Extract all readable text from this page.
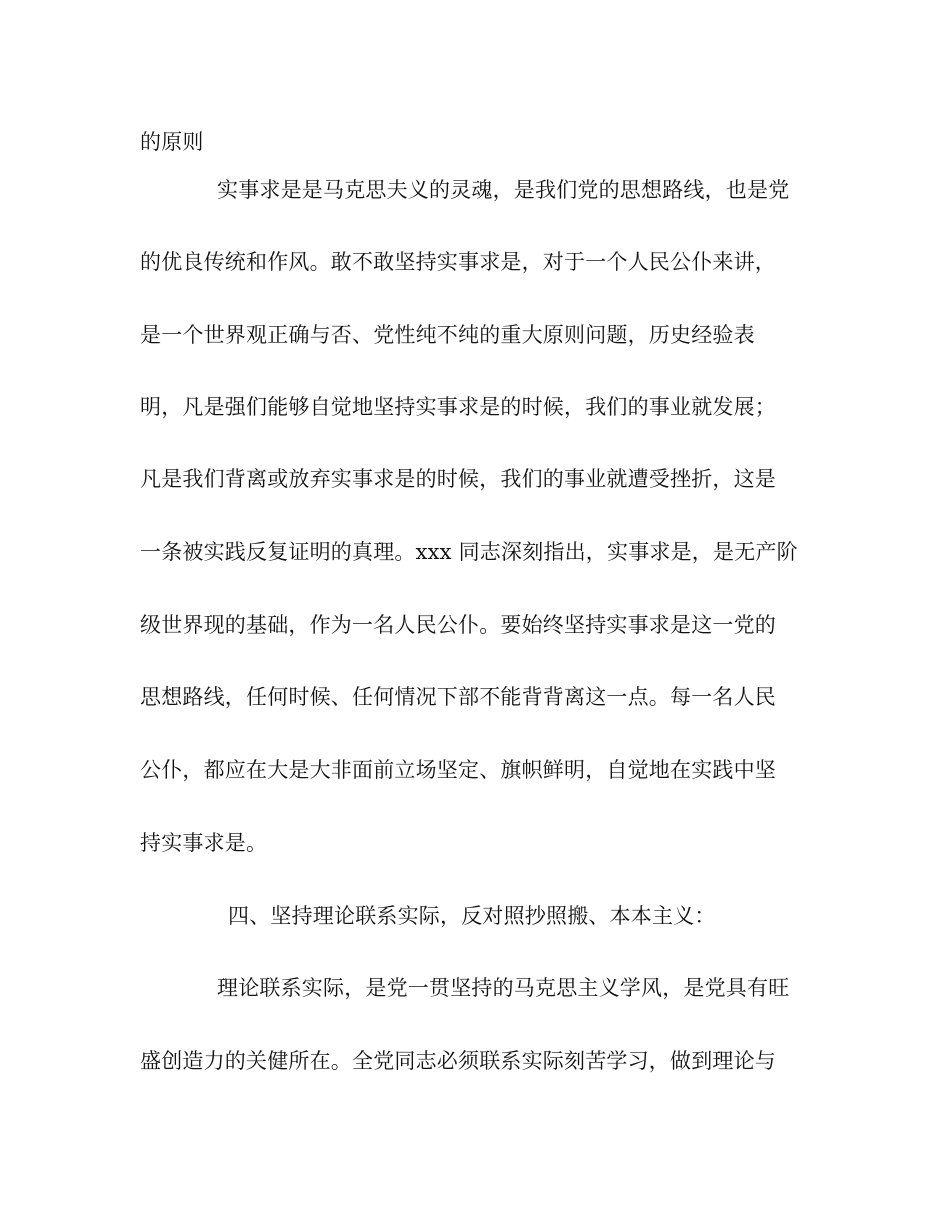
的原则
实事求是是马克思夫义的灵魂，是我们党的思想路线，也是党
的优良传统和作风。敢不敢坚持实事求是，对于一个人民公仆来讲，
是一个世界观正确与否、党性纯不纯的重大原则问题，历史经验表
明，凡是强们能够自觉地坚持实事求是的时候，我们的事业就发展；
凡是我们背离或放弃实事求是的时候，我们的事业就遭受挫折，这是
一条被实践反复证明的真理。xxx 同志深刻指出，实事求是，是无产阶
级世界现的基础，作为一名人民公仆。要始终坚持实事求是这一党的
思想路线，任何时候、任何情况下部不能背背离这一点。每一名人民
公仆，都应在大是大非面前立场坚定、旗帜鲜明，自觉地在实践中坚
持实事求是。
四、坚持理论联系实际，反对照抄照搬、本本主义：
理论联系实际，是党一贯坚持的马克思主义学风，是党具有旺
盛创造力的关健所在。全党同志必须联系实际刻苦学习，做到理论与
